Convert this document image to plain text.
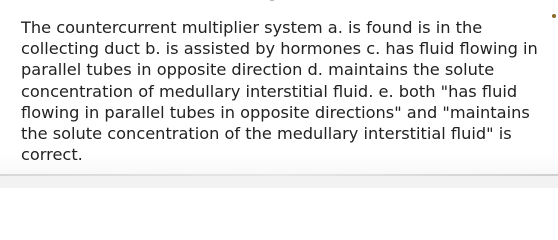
The countercurrent multiplier system a. is found is in the collecting duct b. is assisted by hormones c. has fluid flowing in parallel tubes in opposite direction d. maintains the solute concentration of medullary interstitial fluid. e. both "has fluid flowing in parallel tubes in opposite directions" and "maintains the solute concentration of the medullary interstitial fluid" is correct.
